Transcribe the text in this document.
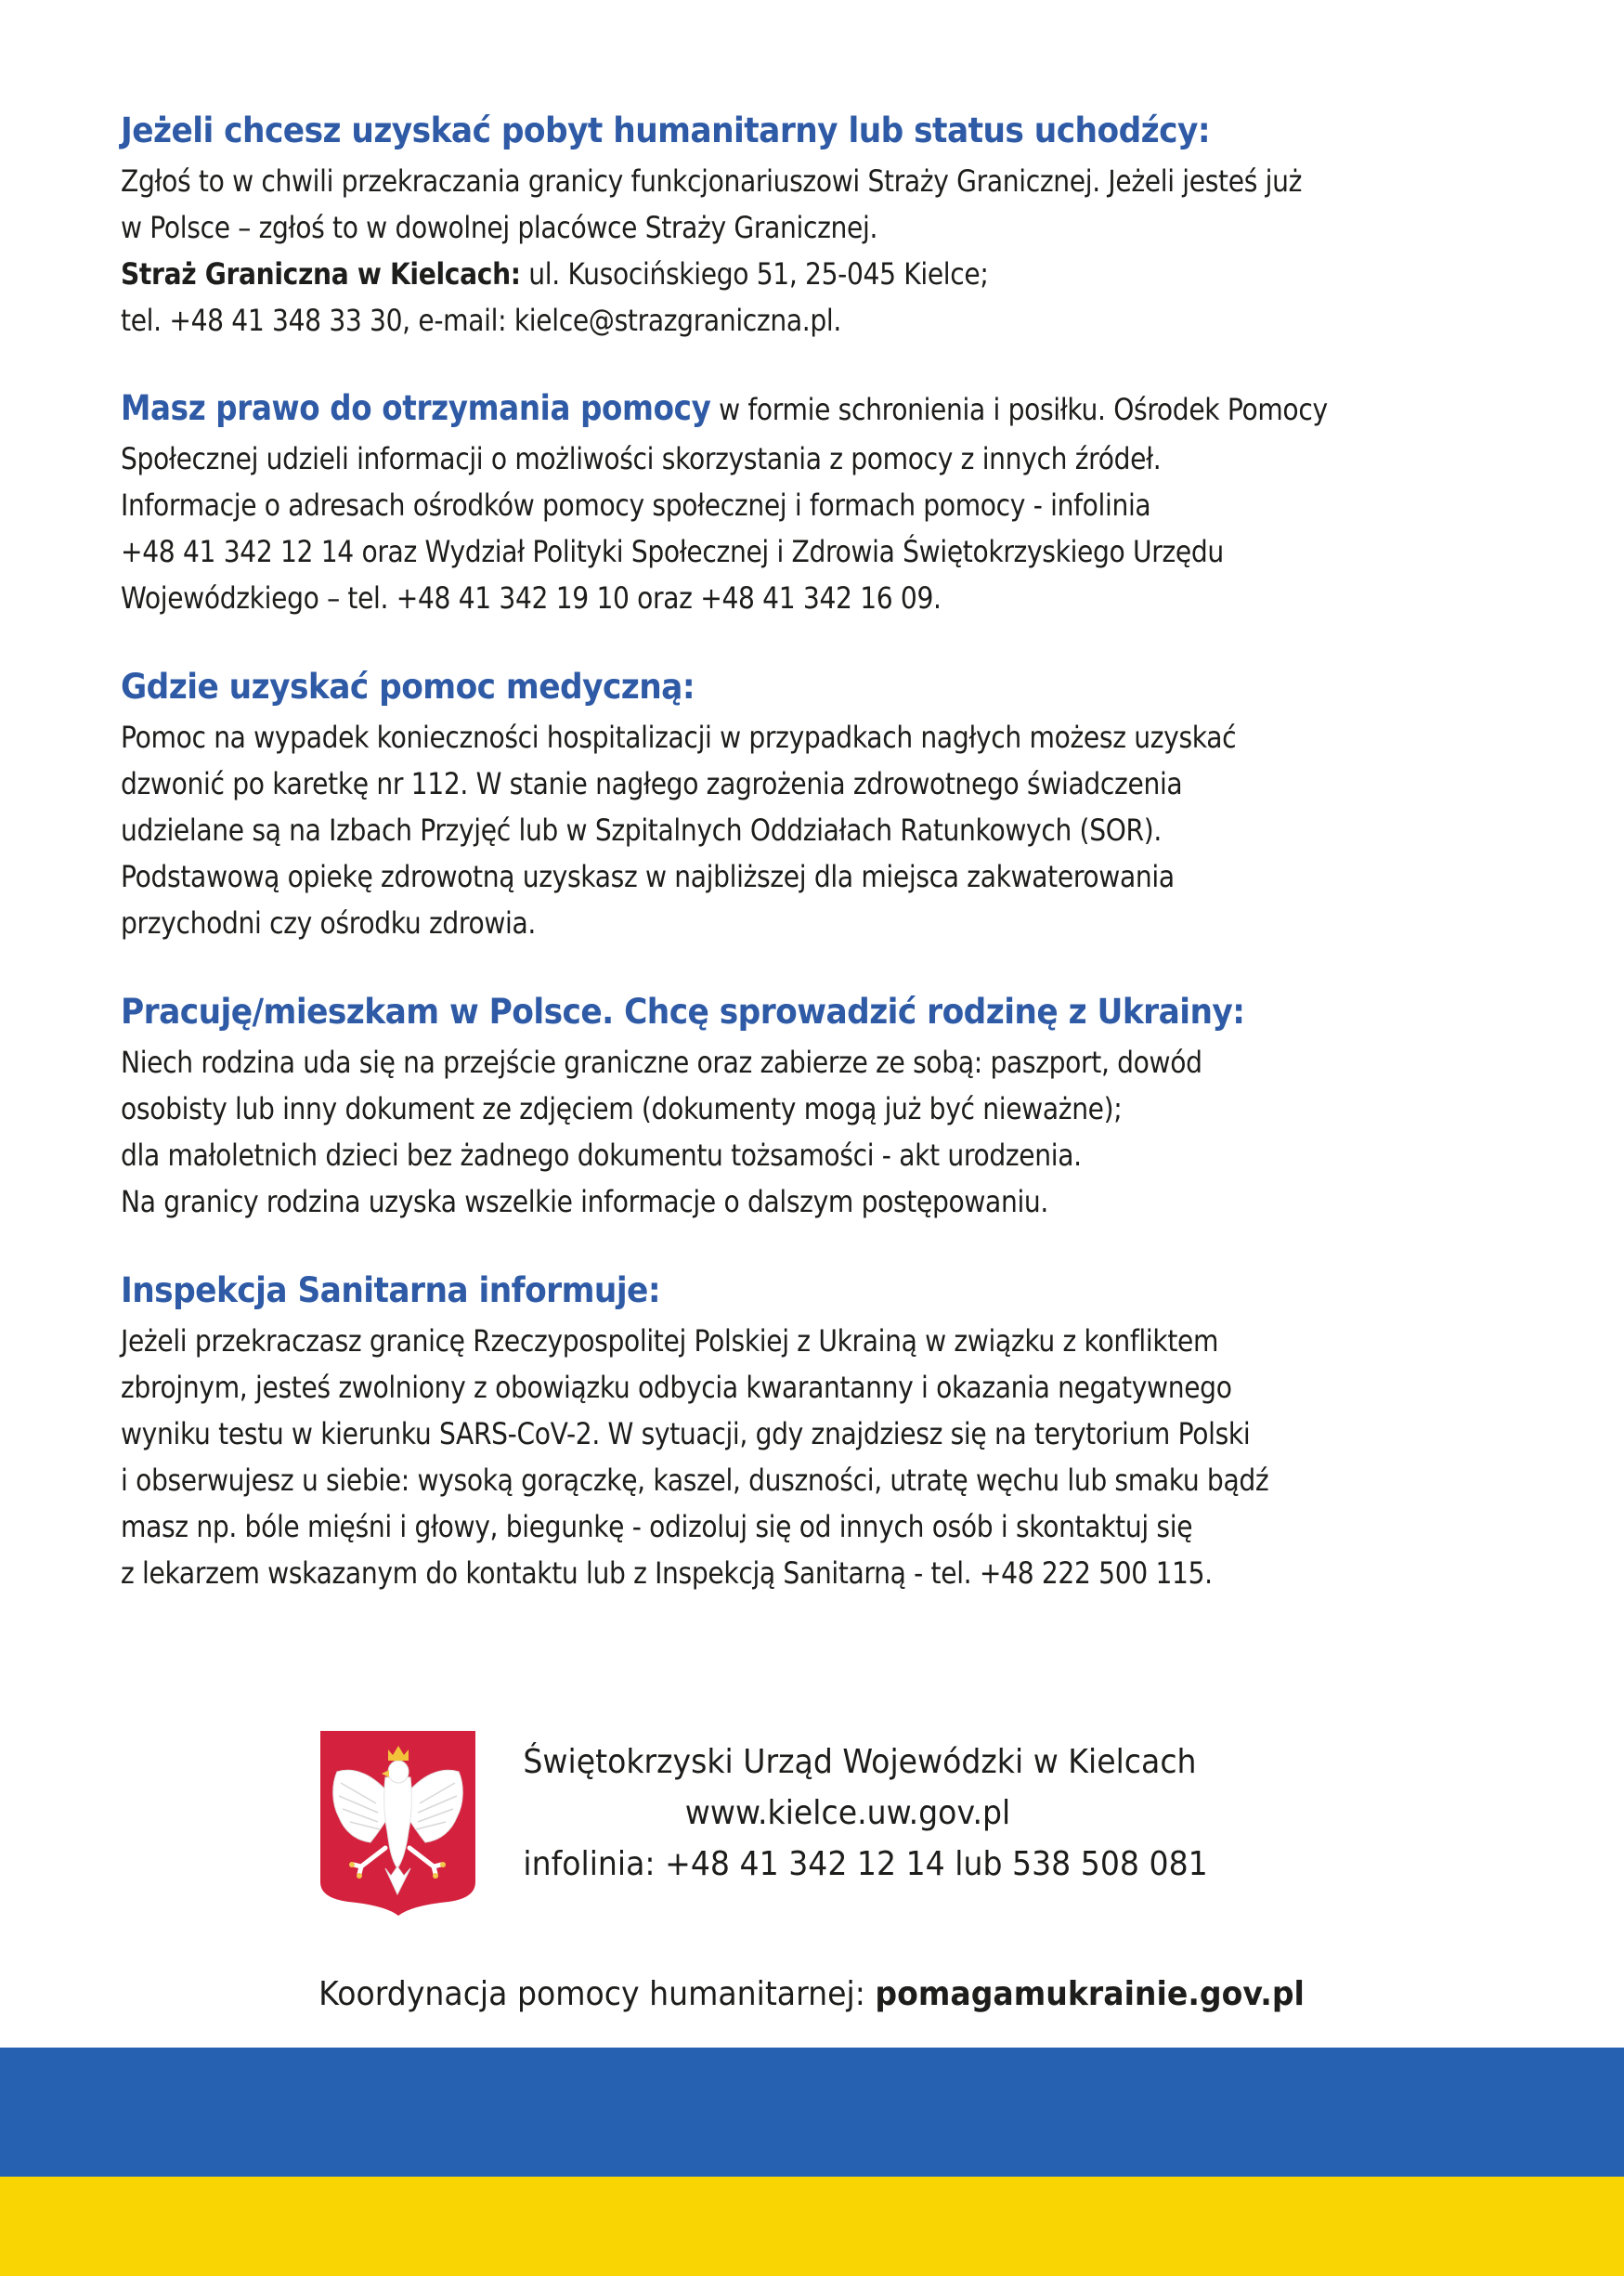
Jeżeli chcesz uzyskać pobyt humanitarny lub status uchodźcy:
Zgłoś to w chwili przekraczania granicy funkcjonariuszowi Straży Granicznej. Jeżeli jesteś już
w Polsce – zgłoś to w dowolnej placówce Straży Granicznej.
Straż Graniczna w Kielcach: ul. Kusocińskiego 51, 25-045 Kielce;
tel. +48 41 348 33 30, e-mail: kielce@strazgraniczna.pl.
Masz prawo do otrzymania pomocy w formie schronienia i posiłku. Ośrodek Pomocy
Społecznej udzieli informacji o możliwości skorzystania z pomocy z innych źródeł.
Informacje o adresach ośrodków pomocy społecznej i formach pomocy - infolinia
+48 41 342 12 14 oraz Wydział Polityki Społecznej i Zdrowia Świętokrzyskiego Urzędu
Wojewódzkiego – tel. +48 41 342 19 10 oraz +48 41 342 16 09.
Gdzie uzyskać pomoc medyczną:
Pomoc na wypadek konieczności hospitalizacji w przypadkach nagłych możesz uzyskać
dzwonić po karetkę nr 112. W stanie nagłego zagrożenia zdrowotnego świadczenia
udzielane są na Izbach Przyjęć lub w Szpitalnych Oddziałach Ratunkowych (SOR).
Podstawową opiekę zdrowotną uzyskasz w najbliższej dla miejsca zakwaterowania
przychodni czy ośrodku zdrowia.
Pracuję/mieszkam w Polsce. Chcę sprowadzić rodzinę z Ukrainy:
Niech rodzina uda się na przejście graniczne oraz zabierze ze sobą: paszport, dowód
osobisty lub inny dokument ze zdjęciem (dokumenty mogą już być nieważne);
dla małoletnich dzieci bez żadnego dokumentu tożsamości - akt urodzenia.
Na granicy rodzina uzyska wszelkie informacje o dalszym postępowaniu.
Inspekcja Sanitarna informuje:
Jeżeli przekraczasz granicę Rzeczypospolitej Polskiej z Ukrainą w związku z konfliktem
zbrojnym, jesteś zwolniony z obowiązku odbycia kwarantanny i okazania negatywnego
wyniku testu w kierunku SARS-CoV-2. W sytuacji, gdy znajdziesz się na terytorium Polski
i obserwujesz u siebie: wysoką gorączkę, kaszel, duszności, utratę węchu lub smaku bądź
masz np. bóle mięśni i głowy, biegunkę - odizoluj się od innych osób i skontaktuj się
z lekarzem wskazanym do kontaktu lub z Inspekcją Sanitarną - tel. +48 222 500 115.
Świętokrzyski Urząd Wojewódzki w Kielcach
www.kielce.uw.gov.pl
infolinia: +48 41 342 12 14 lub 538 508 081
Koordynacja pomocy humanitarnej: pomagamukrainie.gov.pl
